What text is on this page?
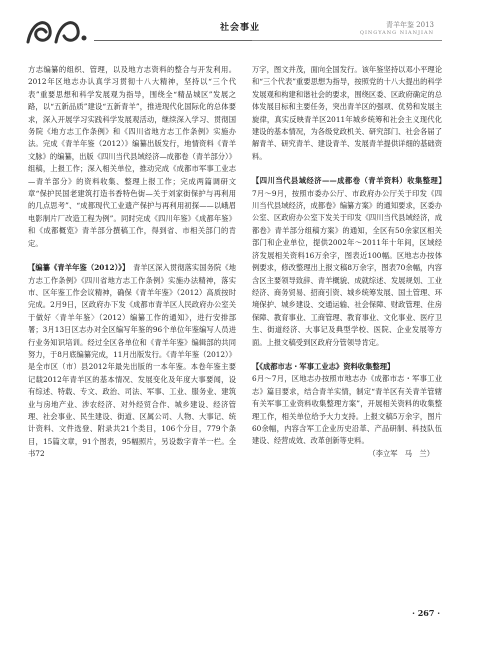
社会事业	青羊年鉴 2013
QINGYANG NIANJIAN

方志编纂的组织、管理，以及地方志资料的整合与开发利用。2012年区地志办认真学习贯彻十八大精神，坚持以“三个代表”重要思想和科学发展观为指导，围绕全“精品城区”发展之路，以“五新品质”建设“五新青羊”，推进现代化国际化的总体要求，深入开展学习实践科学发展观活动，继续深入学习、贯彻国务院《地方志工作条例》和《四川省地方志工作条例》实施办法。完成《青羊年鉴（2012）》编纂出版发行，地情资料《青羊文脉》的编纂，出版《四川当代县域经济—成都卷（青羊部分）》组稿，上报工作；深入相关单位，推动完成《成都市军事工业志—青羊部分》的资料收集、整理上报工作；完成两篇调研文章“保护民国老建筑打造书香特色街—关于刘家街保护与再利用的几点思考”、“成都现代工业遗产保护与再利用初探——以峨眉电影制片厂改造工程为例”。同时完成《四川年鉴》《成都年鉴》和《成都概览》青羊部分撰稿工作，得到省、市相关部门的肯定。

【编纂《青羊年鉴（2012）》】　 青羊区深入贯彻落实国务院《地方志工作条例》《四川省地方志工作条例》实施办法精神，落实市、区年鉴工作会议精神，确保《青羊年鉴》（2012）高质按时完成。2月9日，区政府办下发《成都市青羊区人民政府办公室关于做好〈青羊年鉴〉（2012）编纂工作的通知》，进行安排部署；3月13日区志办对全区编写年鉴的96个单位年鉴编写人员进行业务知识培训。经过全区各单位和《青羊年鉴》编辑部的共同努力，于8月底编纂完成，11月出版发行。《青羊年鉴（2012）》是全市区（市）县2012年最先出版的一本年鉴。本卷年鉴主要记载2012年青羊区的基本情况、发展变化及年度大事要闻，设有综述、特载、专文、政治、司法、军事、工业、服务业、建筑业与房地产业、涉农经济、对外经贸合作、城乡建设、经济管理、社会事业、民生建设、街道、区属公司、人物、大事记、统计资料、文件选登、附录共21个类目，106个分目，779个条目，15篇文章，91个图表，95幅照片，另设数字青羊一栏。全书72

万字，图文并茂，面向全国发行。该年鉴坚持以邓小平理论和“三个代表”重要思想为指导，按照党的十八大提出的科学发展观和构建和谐社会的要求，围绕区委、区政府确定的总体发展目标和主要任务，突出青羊区的强项、优势和发展主旋律，真实反映青羊区2011年城乡统筹和社会主义现代化建设的基本情况，为各级党政机关、研究部门、社会各届了解青羊、研究青羊、建设青羊、发展青羊提供详细的基础资料。

【四川当代县域经济——成都卷（青羊资料）收集整理】　7月～9月，按照市委办公厅、市政府办公厅关于印发《四川当代县域经济，成都卷》编纂方案》的通知要求，区委办公室、区政府办公室下发关于印发《四川当代县域经济，成都卷》青羊部分组稿方案》的通知，全区有50余家区相关部门和企业单位，提供2002年～2011年十年间，区域经济发展相关资料16万余字，图表近100幅。区地志办按体例要求，修改整理出上报文稿8万余字，图表70余幅，内容含区主要领导致辞、青羊概貌、成就综述、发展规划、工业经济、商务贸易、招商引资、城乡统筹发展、国土管理、环境保护、城乡建设、交通运输、社会保障、财政管理、住房保障、教育事业、工商管理、教育事业、文化事业、医疗卫生、街道经济、大事记及典型学校、医院、企业发展等方面。上报文稿受到区政府分管领导肯定。

【《成都市志・军事工业志》资料收集整理】

6月～7月，区地志办按照市地志办《成都市志・军事工业志》篇目要求，结合青羊实情，制定“青羊区有关青羊管辖有关军事工业资料收集整理方案”，开展相关资料的收集整理工作，相关单位给予大力支持。上报文稿5万余字，图片60余幅，内容含军工企业历史沿革、产品研制、科技队伍建设、经营成效、改革创新等史料。

（李立军　马　兰）

· 267 ·
